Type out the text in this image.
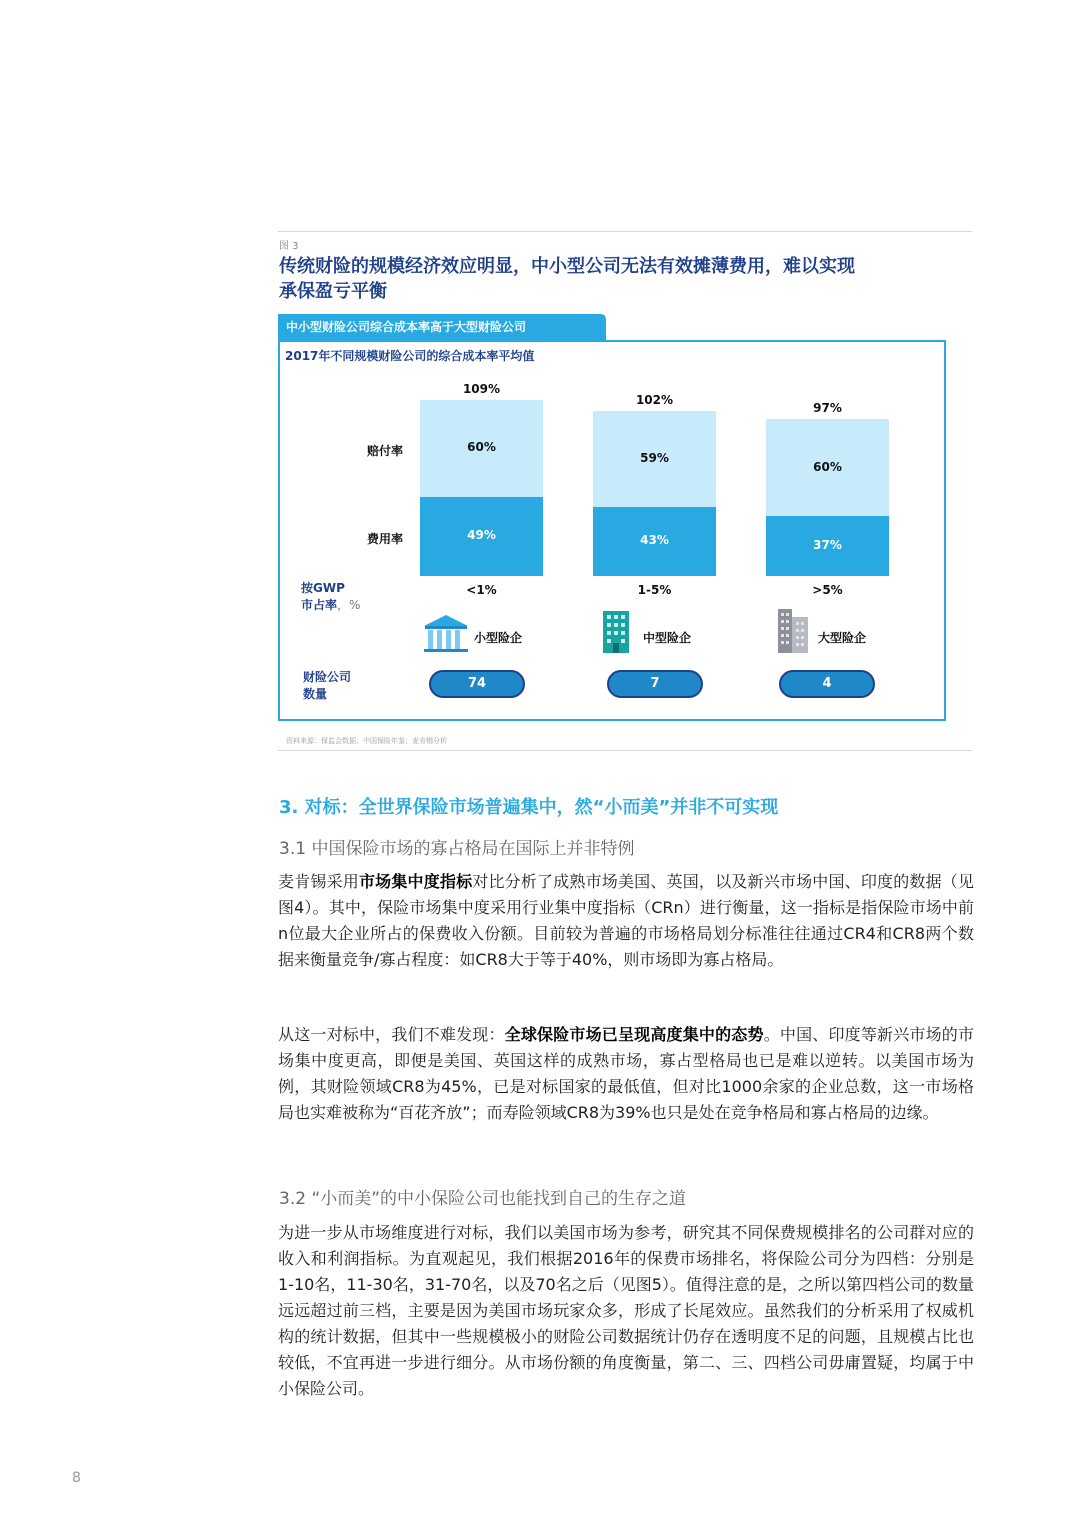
图 3
传统财险的规模经济效应明显，中小型公司无法有效摊薄费用，难以实现
承保盈亏平衡
中小型财险公司综合成本率高于大型财险公司
2017年不同规模财险公司的综合成本率平均值
赔付率
费用率
60%
49%
59%
43%
60%
37%
109%
102%
97%
按GWP
市占率，%
<1%	1-5%	>5%
小型险企	中型险企	大型险企
财险公司
数量
74	7	4
资料来源：保监会数据；中国保险年鉴；麦肯锡分析
3. 对标：全世界保险市场普遍集中，然“小而美”并非不可实现
3.1 中国保险市场的寡占格局在国际上并非特例

麦肯锡采用市场集中度指标对比分析了成熟市场美国、英国，以及新兴市场中国、印度的数据（见图4）。其中，保险市场集中度采用行业集中度指标（CRn）进行衡量，这一指标是指保险市场中前n位最大企业所占的保费收入份额。目前较为普遍的市场格局划分标准往往通过CR4和CR8两个数据来衡量竞争/寡占程度：如CR8大于等于40%，则市场即为寡占格局。

从这一对标中，我们不难发现：全球保险市场已呈现高度集中的态势。中国、印度等新兴市场的市场集中度更高，即便是美国、英国这样的成熟市场，寡占型格局也已是难以逆转。以美国市场为例，其财险领域CR8为45%，已是对标国家的最低值，但对比1000余家的企业总数，这一市场格局也实难被称为“百花齐放”；而寿险领域CR8为39%也只是处在竞争格局和寡占格局的边缘。

3.2 “小而美”的中小保险公司也能找到自己的生存之道

为进一步从市场维度进行对标，我们以美国市场为参考，研究其不同保费规模排名的公司群对应的收入和利润指标。为直观起见，我们根据2016年的保费市场排名，将保险公司分为四档：分别是1-10名，11-30名，31-70名，以及70名之后（见图5）。值得注意的是，之所以第四档公司的数量远远超过前三档，主要是因为美国市场玩家众多，形成了长尾效应。虽然我们的分析采用了权威机构的统计数据，但其中一些规模极小的财险公司数据统计仍存在透明度不足的问题，且规模占比也较低，不宜再进一步进行细分。从市场份额的角度衡量，第二、三、四档公司毋庸置疑，均属于中小保险公司。

8
